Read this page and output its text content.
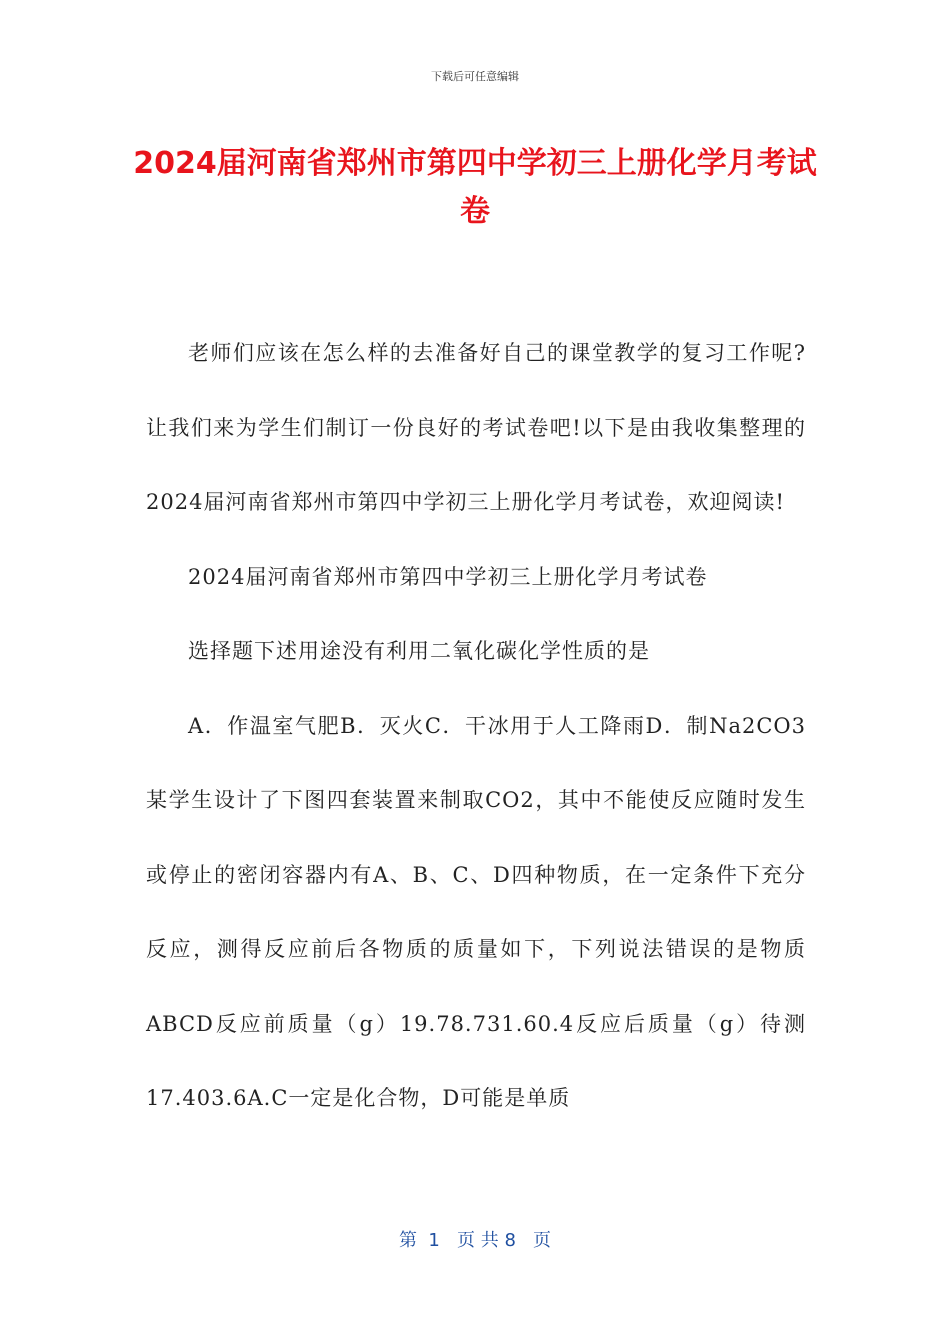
下载后可任意编辑
2024届河南省郑州市第四中学初三上册化学月考试卷

老师们应该在怎么样的去准备好自己的课堂教学的复习工作呢?让我们来为学生们制订一份良好的考试卷吧!以下是由我收集整理的2024届河南省郑州市第四中学初三上册化学月考试卷，欢迎阅读!

2024届河南省郑州市第四中学初三上册化学月考试卷

选择题下述用途没有利用二氧化碳化学性质的是

A．作温室气肥B．灭火C．干冰用于人工降雨D．制Na2CO3某学生设计了下图四套装置来制取CO2，其中不能使反应随时发生或停止的密闭容器内有A、B、C、D四种物质，在一定条件下充分反应，测得反应前后各物质的质量如下，下列说法错误的是物质ABCD反应前质量（g）19.78.731.60.4反应后质量（g）待测17.403.6A.C一定是化合物，D可能是单质

第  1   页 共 8   页
